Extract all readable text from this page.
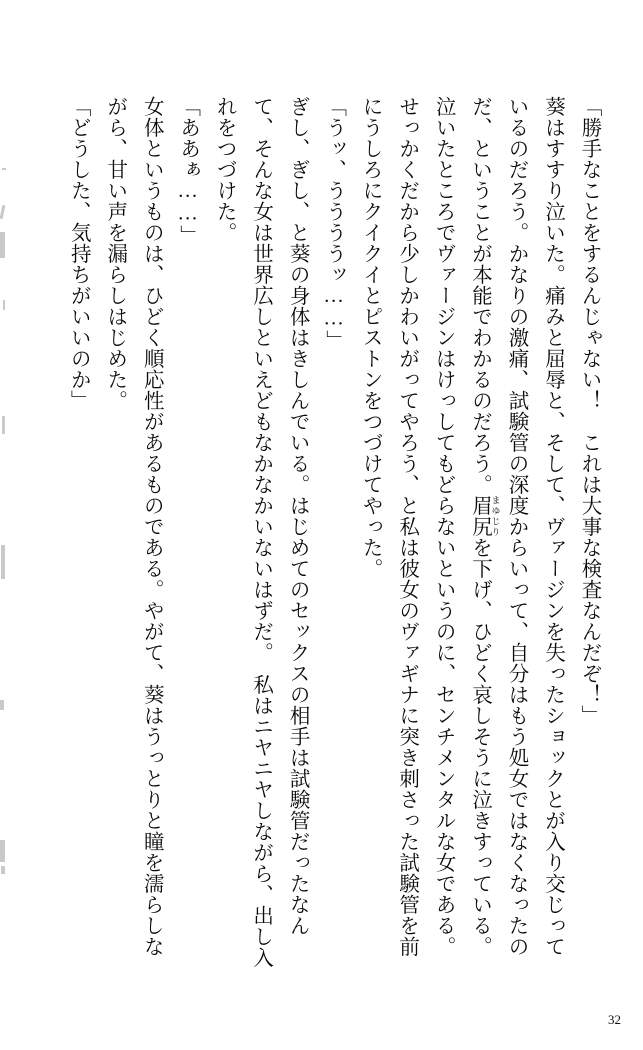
「勝手なことをするんじゃない！　これは大事な検査なんだぞ！」

葵はすすり泣いた。痛みと屈辱と、そして、ヴァージンを失ったショックとが入り交じっているのだろう。かなりの激痛、試験管の深度からいって、自分はもう処女ではなくなったのだ、ということが本能でわかるのだろう。眉尻 まゆじりを下げ、ひどく哀しそうに泣きすっている。泣いたところでヴァージンはけっしてもどらないというのに、センチメンタルな女である。

せっかくだから少しかわいがってやろう、と私は彼女のヴァギナに突き刺さった試験管を前にうしろにクイクイとピストンをつづけてやった。

「うッ、ううううッ……」

ぎし、ぎし、と葵の身体はきしんでいる。はじめてのセックスの相手は試験管だったなんて、そんな女は世界広しといえどもなかなかいないはずだ。　私はニヤニヤしながら、出し入れをつづけた。

「ああぁ……」

女体というものは、ひどく順応性があるものである。やがて、葵はうっとりと瞳を濡らしながら、甘い声を漏らしはじめた。

「どうした、気持ちがいいのか」

32
